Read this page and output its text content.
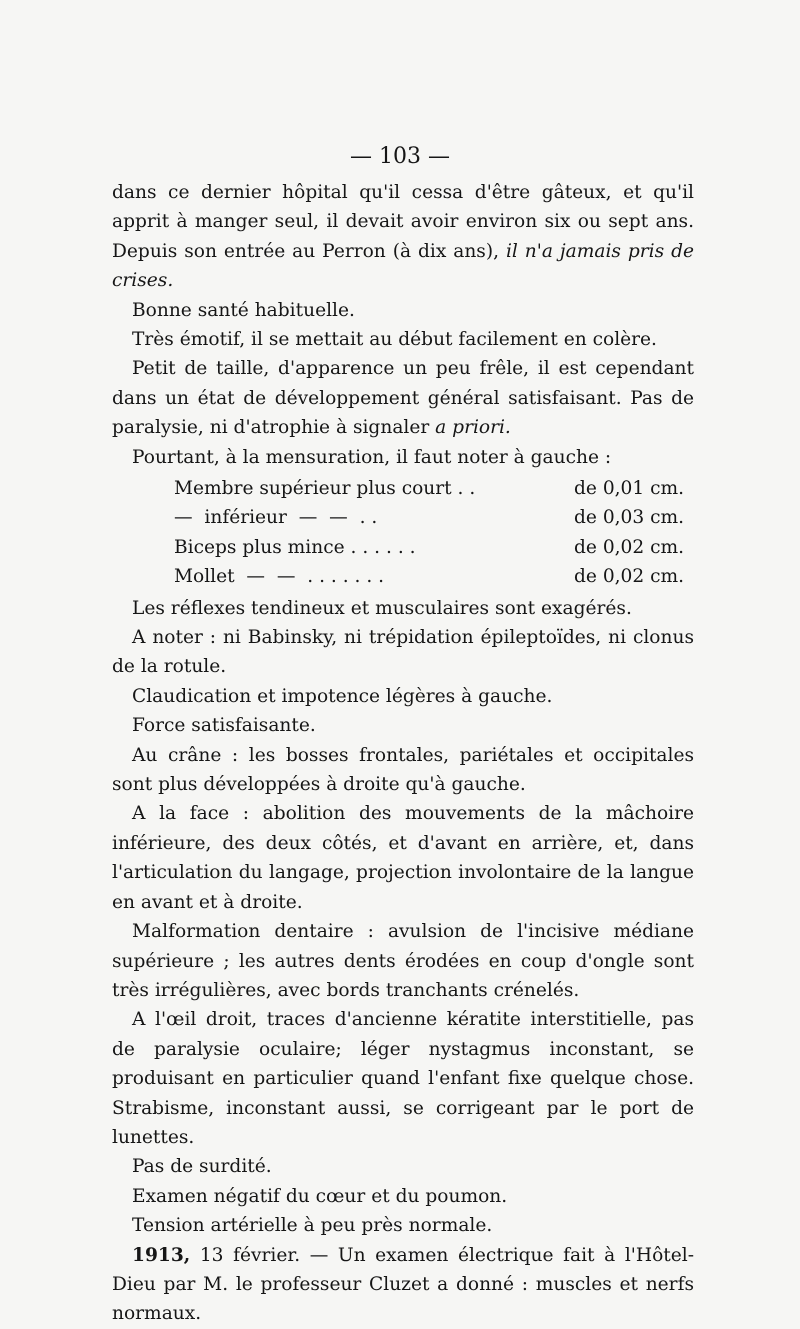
— 103 —

dans ce dernier hôpital qu'il cessa d'être gâteux, et qu'il apprit à manger seul, il devait avoir environ six ou sept ans. Depuis son entrée au Perron (à dix ans), il n'a jamais pris de crises.

Bonne santé habituelle.

Très émotif, il se mettait au début facilement en colère.

Petit de taille, d'apparence un peu frêle, il est cependant dans un état de développement général satisfaisant. Pas de paralysie, ni d'atrophie à signaler a priori.

Pourtant, à la mensuration, il faut noter à gauche :

Membre supérieur plus court . .	de 0,01 cm.
—  inférieur  —  —  . .	de 0,03 cm.
Biceps plus mince . . . . . .	de 0,02 cm.
Mollet  —  —  . . . . . . .	de 0,02 cm.

Les réflexes tendineux et musculaires sont exagérés.

A noter : ni Babinsky, ni trépidation épileptoïdes, ni clonus de la rotule.

Claudication et impotence légères à gauche.

Force satisfaisante.

Au crâne : les bosses frontales, pariétales et occipitales sont plus développées à droite qu'à gauche.

A la face : abolition des mouvements de la mâchoire inférieure, des deux côtés, et d'avant en arrière, et, dans l'articulation du langage, projection involontaire de la langue en avant et à droite.

Malformation dentaire : avulsion de l'incisive médiane supérieure ; les autres dents érodées en coup d'ongle sont très irrégulières, avec bords tranchants crénelés.

A l'œil droit, traces d'ancienne kératite interstitielle, pas de paralysie oculaire; léger nystagmus inconstant, se produisant en particulier quand l'enfant fixe quelque chose. Strabisme, inconstant aussi, se corrigeant par le port de lunettes.

Pas de surdité.

Examen négatif du cœur et du poumon.

Tension artérielle à peu près normale.

1913, 13 février. — Un examen électrique fait à l'Hôtel-Dieu par M. le professeur Cluzet a donné : muscles et nerfs normaux.
